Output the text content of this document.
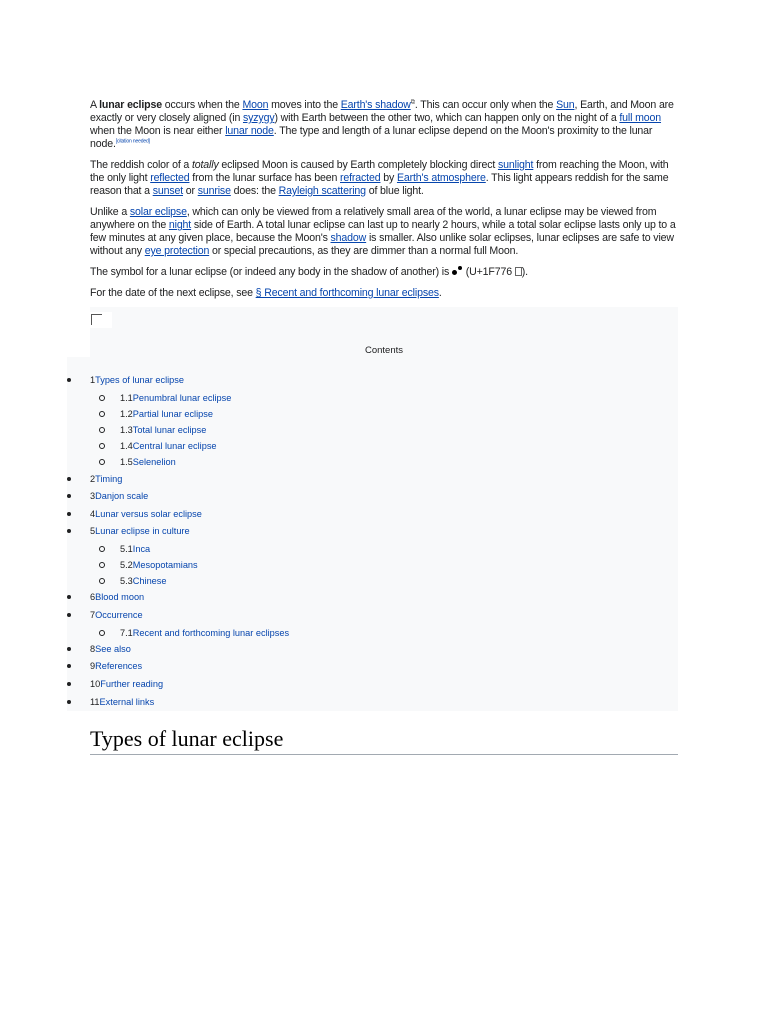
A lunar eclipse occurs when the Moon moves into the Earth's shadow⧉. This can occur only when the Sun, Earth, and Moon are exactly or very closely aligned (in syzygy) with Earth between the other two, which can happen only on the night of a full moon when the Moon is near either lunar node. The type and length of a lunar eclipse depend on the Moon's proximity to the lunar node.[citation needed]

The reddish color of a totally eclipsed Moon is caused by Earth completely blocking direct sunlight from reaching the Moon, with the only light reflected from the lunar surface has been refracted by Earth's atmosphere. This light appears reddish for the same reason that a sunset or sunrise does: the Rayleigh scattering of blue light.

Unlike a solar eclipse, which can only be viewed from a relatively small area of the world, a lunar eclipse may be viewed from anywhere on the night side of Earth. A total lunar eclipse can last up to nearly 2 hours, while a total solar eclipse lasts only up to a few minutes at any given place, because the Moon's shadow is smaller. Also unlike solar eclipses, lunar eclipses are safe to view without any eye protection or special precautions, as they are dimmer than a normal full Moon.

The symbol for a lunar eclipse (or indeed any body in the shadow of another) is
(U+1F776 ).

For the date of the next eclipse, see § Recent and forthcoming lunar eclipses.

Contents
1Types of lunar eclipse
1.1Penumbral lunar eclipse
1.2Partial lunar eclipse
1.3Total lunar eclipse
1.4Central lunar eclipse
1.5Selenelion
2Timing
3Danjon scale
4Lunar versus solar eclipse
5Lunar eclipse in culture
5.1Inca
5.2Mesopotamians
5.3Chinese
6Blood moon
7Occurrence
7.1Recent and forthcoming lunar eclipses
8See also
9References
10Further reading
11External links
Types of lunar eclipse
